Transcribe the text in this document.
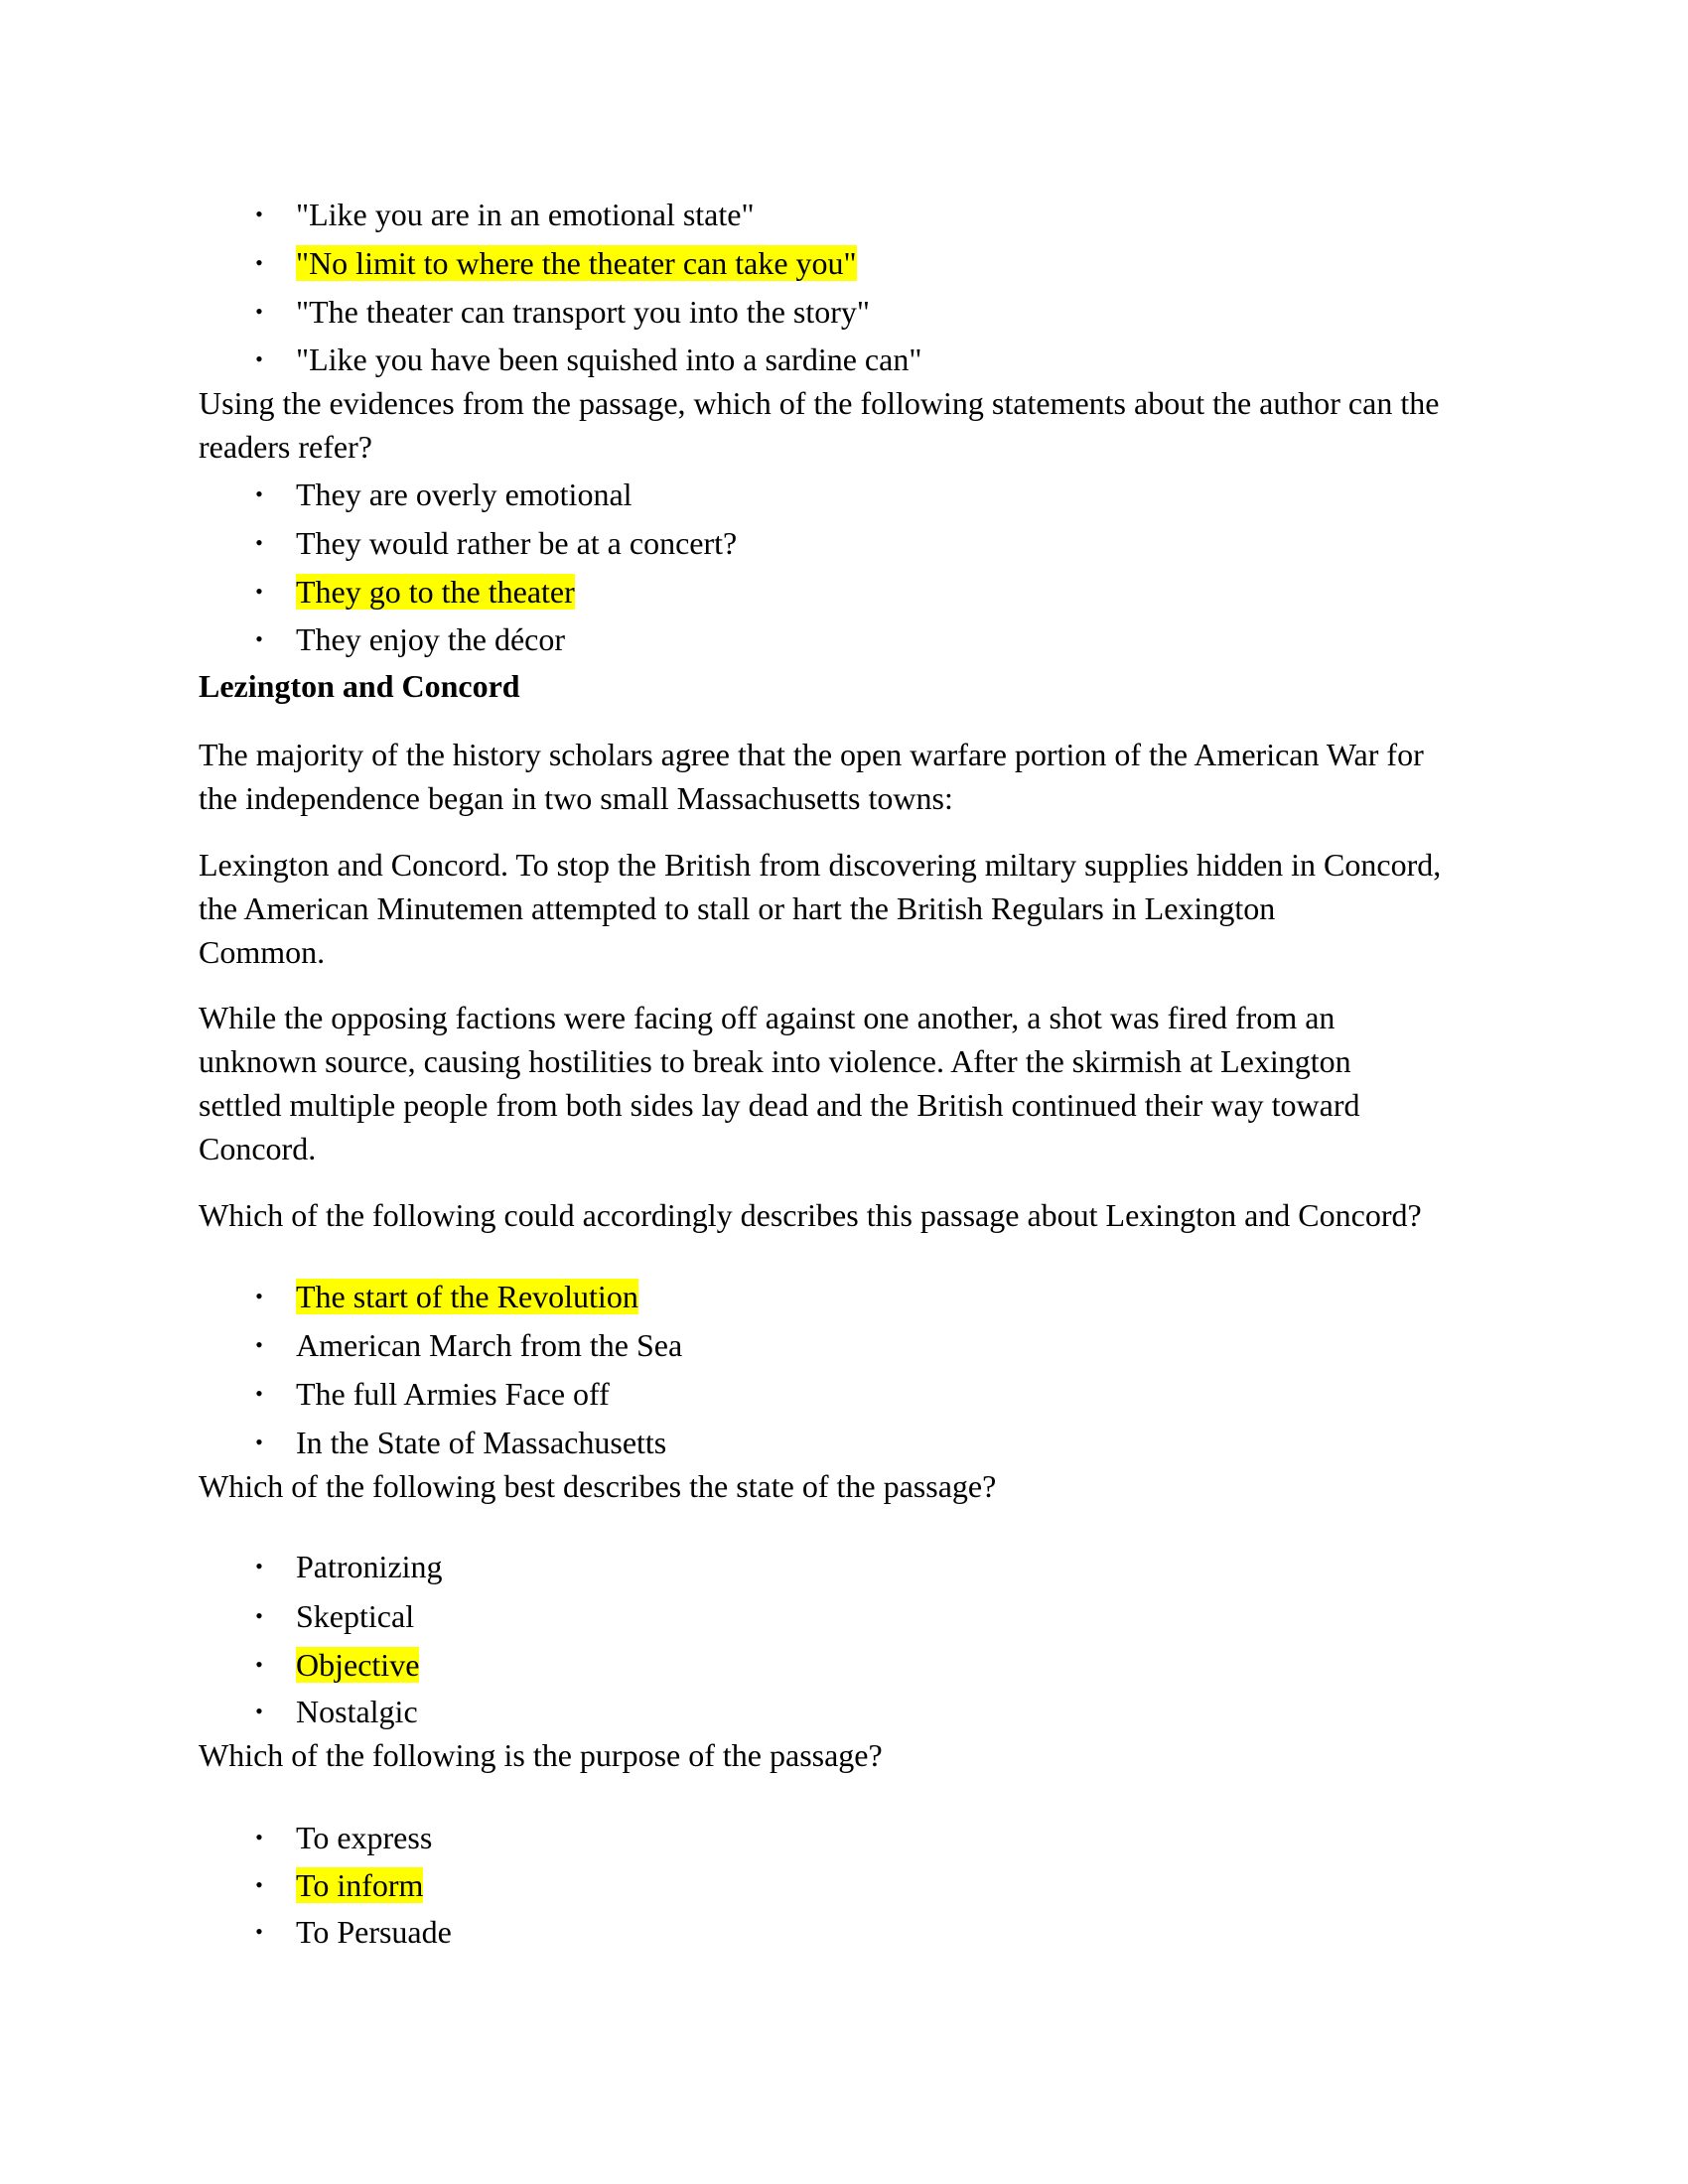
• "Like you are in an emotional state"
• "No limit to where the theater can take you"
• "The theater can transport you into the story"
• "Like you have been squished into a sardine can"
Using the evidences from the passage, which of the following statements about the author can the
readers refer?
• They are overly emotional
• They would rather be at a concert?
• They go to the theater
• They enjoy the décor
Lezington and Concord
The majority of the history scholars agree that the open warfare portion of the American War for
the independence began in two small Massachusetts towns:
Lexington and Concord. To stop the British from discovering miltary supplies hidden in Concord,
the American Minutemen attempted to stall or hart the British Regulars in Lexington
Common.
While the opposing factions were facing off against one another, a shot was fired from an
unknown source, causing hostilities to break into violence. After the skirmish at Lexington
settled multiple people from both sides lay dead and the British continued their way toward
Concord.
Which of the following could accordingly describes this passage about Lexington and Concord?
• The start of the Revolution
• American March from the Sea
• The full Armies Face off
• In the State of Massachusetts
Which of the following best describes the state of the passage?
• Patronizing
• Skeptical
• Objective
• Nostalgic
Which of the following is the purpose of the passage?
• To express
• To inform
• To Persuade
